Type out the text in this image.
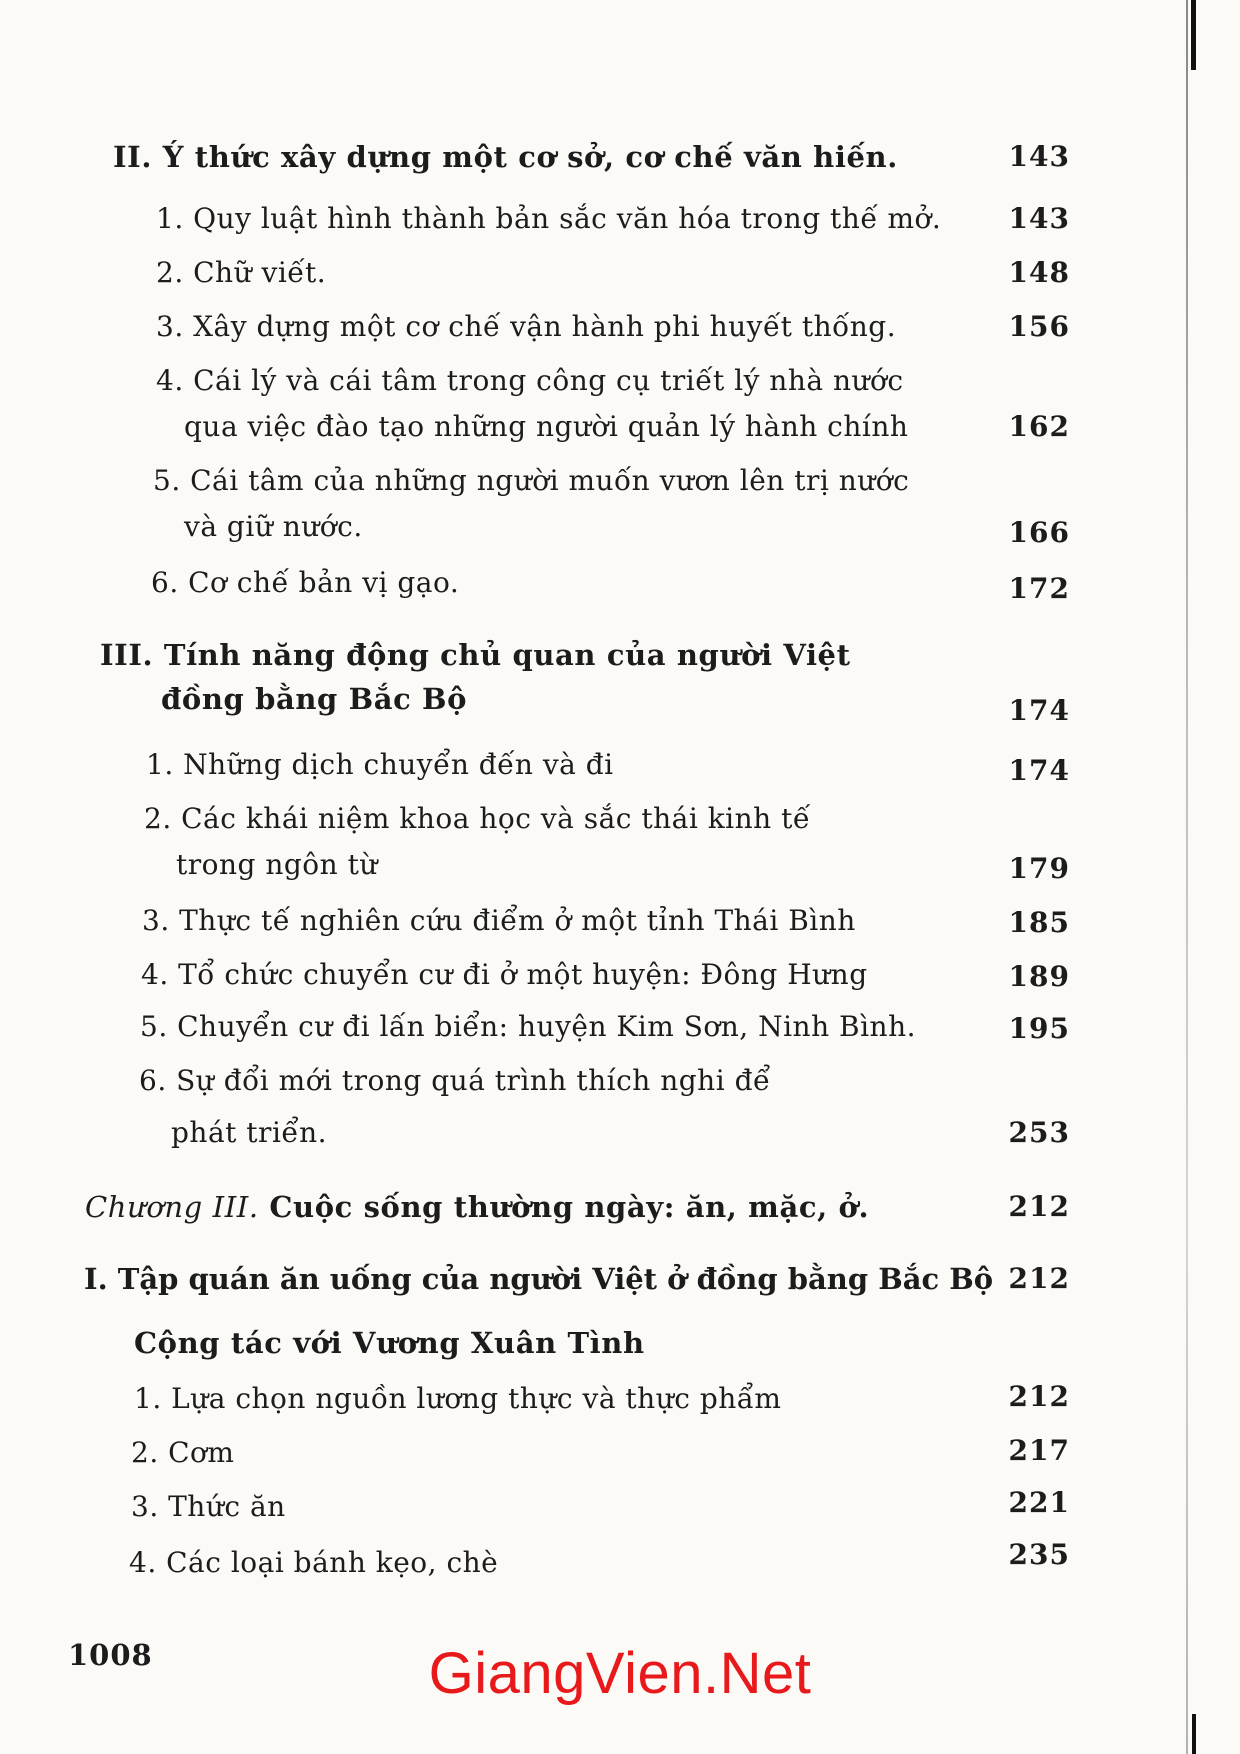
II. Ý thức xây dựng một cơ sở, cơ chế văn hiến.	143
1. Quy luật hình thành bản sắc văn hóa trong thế mở. 143
2. Chữ viết.	148
3. Xây dựng một cơ chế vận hành phi huyết thống.	156
4. Cái lý và cái tâm trong công cụ triết lý nhà nước
qua việc đào tạo những người quản lý hành chính	162
5. Cái tâm của những người muốn vươn lên trị nước
và giữ nước.	166
6. Cơ chế bản vị gạo.	172
III. Tính năng động chủ quan của người Việt
đồng bằng Bắc Bộ	174
1. Những dịch chuyển đến và đi	174
2. Các khái niệm khoa học và sắc thái kinh tế
trong ngôn từ	179
3. Thực tế nghiên cứu điểm ở một tỉnh Thái Bình	185
4. Tổ chức chuyển cư đi ở một huyện: Đông Hưng	189
5. Chuyển cư đi lấn biển: huyện Kim Sơn, Ninh Bình.	195
6. Sự đổi mới trong quá trình thích nghi để
phát triển.	253
Chương III. Cuộc sống thường ngày: ăn, mặc, ở.	212
I. Tập quán ăn uống của người Việt ở đồng bằng Bắc Bộ 212
Cộng tác với Vương Xuân Tình
1. Lựa chọn nguồn lương thực và thực phẩm	212
2. Cơm	217
3. Thức ăn	221
4. Các loại bánh kẹo, chè	235
1008	GiangVien.Net
